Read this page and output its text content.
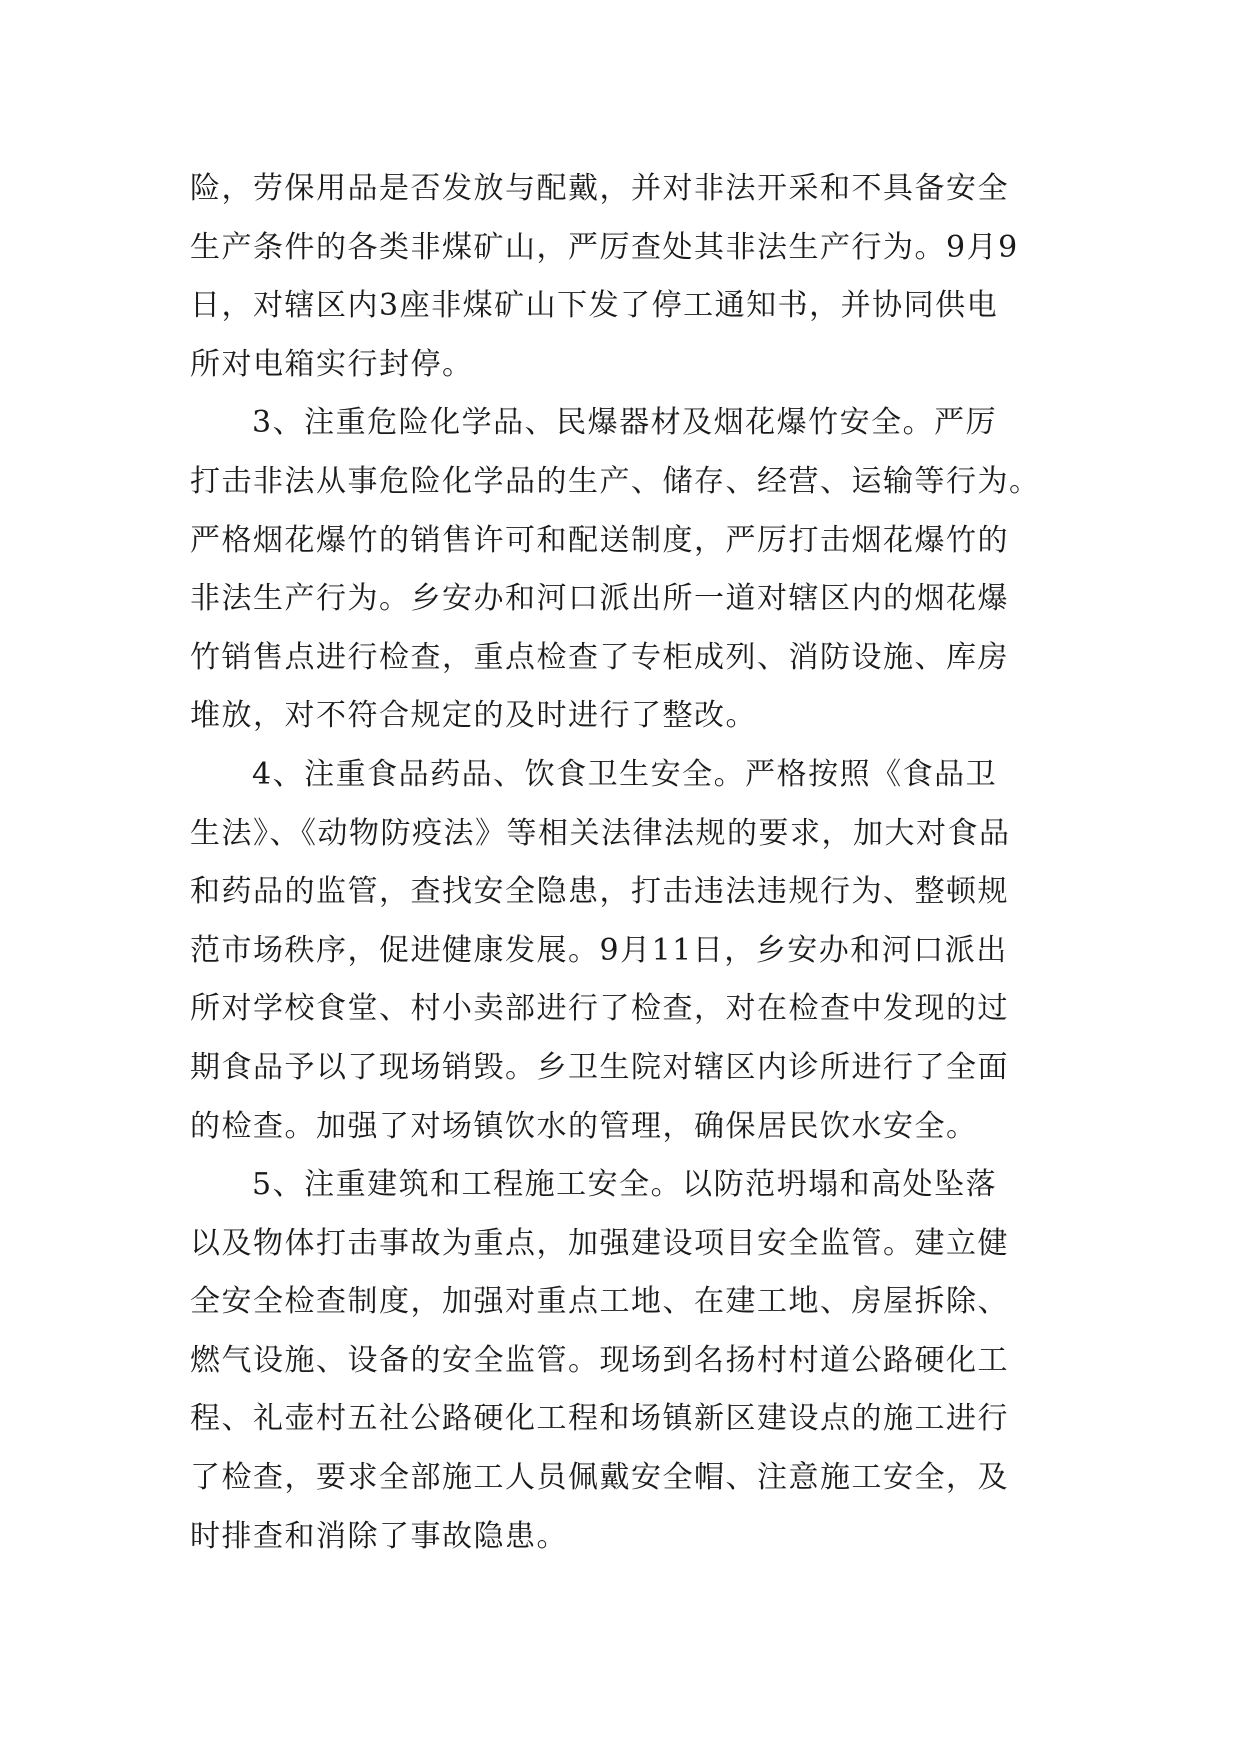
险，劳保用品是否发放与配戴，并对非法开采和不具备安全
生产条件的各类非煤矿山，严厉查处其非法生产行为。9月9
日，对辖区内3座非煤矿山下发了停工通知书，并协同供电
所对电箱实行封停。
3、注重危险化学品、民爆器材及烟花爆竹安全。严厉
打击非法从事危险化学品的生产、储存、经营、运输等行为。
严格烟花爆竹的销售许可和配送制度，严厉打击烟花爆竹的
非法生产行为。乡安办和河口派出所一道对辖区内的烟花爆
竹销售点进行检查，重点检查了专柜成列、消防设施、库房
堆放，对不符合规定的及时进行了整改。
4、注重食品药品、饮食卫生安全。严格按照《食品卫
生法》、《动物防疫法》等相关法律法规的要求，加大对食品
和药品的监管，查找安全隐患，打击违法违规行为、整顿规
范市场秩序，促进健康发展。9月11日，乡安办和河口派出
所对学校食堂、村小卖部进行了检查，对在检查中发现的过
期食品予以了现场销毁。乡卫生院对辖区内诊所进行了全面
的检查。加强了对场镇饮水的管理，确保居民饮水安全。
5、注重建筑和工程施工安全。以防范坍塌和高处坠落
以及物体打击事故为重点，加强建设项目安全监管。建立健
全安全检查制度，加强对重点工地、在建工地、房屋拆除、
燃气设施、设备的安全监管。现场到名扬村村道公路硬化工
程、礼壶村五社公路硬化工程和场镇新区建设点的施工进行
了检查，要求全部施工人员佩戴安全帽、注意施工安全，及
时排查和消除了事故隐患。
